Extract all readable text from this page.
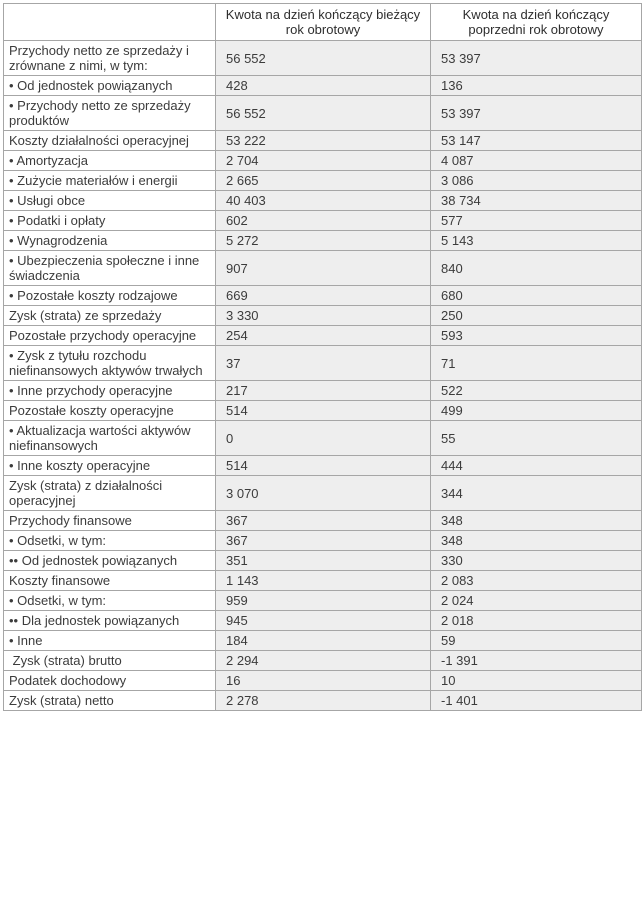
	Kwota na dzień kończący bieżący rok obrotowy	Kwota na dzień kończący poprzedni rok obrotowy
Przychody netto ze sprzedaży i zrównane z nimi, w tym:	56 552	53 397
• Od jednostek powiązanych	428	136
• Przychody netto ze sprzedaży produktów	56 552	53 397
Koszty działalności operacyjnej	53 222	53 147
• Amortyzacja	2 704	4 087
• Zużycie materiałów i energii	2 665	3 086
• Usługi obce	40 403	38 734
• Podatki i opłaty	602	577
• Wynagrodzenia	5 272	5 143
• Ubezpieczenia społeczne i inne świadczenia	907	840
• Pozostałe koszty rodzajowe	669	680
Zysk (strata) ze sprzedaży	3 330	250
Pozostałe przychody operacyjne	254	593
• Zysk z tytułu rozchodu niefinansowych aktywów trwałych	37	71
• Inne przychody operacyjne	217	522
Pozostałe koszty operacyjne	514	499
• Aktualizacja wartości aktywów niefinansowych	0	55
• Inne koszty operacyjne	514	444
Zysk (strata) z działalności operacyjnej	3 070	344
Przychody finansowe	367	348
• Odsetki, w tym:	367	348
•• Od jednostek powiązanych	351	330
Koszty finansowe	1 143	2 083
• Odsetki, w tym:	959	2 024
•• Dla jednostek powiązanych	945	2 018
• Inne	184	59
Zysk (strata) brutto	2 294	-1 391
Podatek dochodowy	16	10
Zysk (strata) netto	2 278	-1 401
